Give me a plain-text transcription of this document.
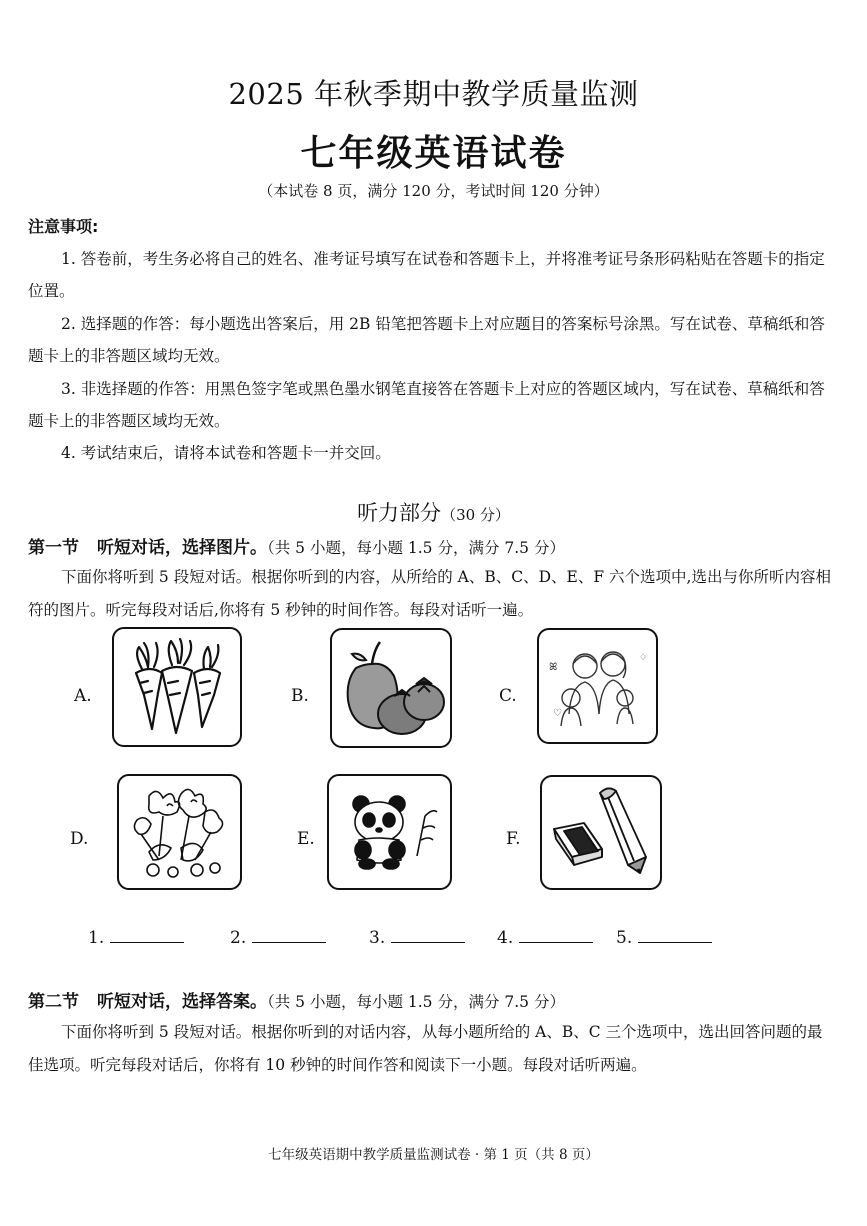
2025 年秋季期中教学质量监测
七年级英语试卷
（本试卷 8 页，满分 120 分，考试时间 120 分钟）
注意事项:

1. 答卷前，考生务必将自己的姓名、准考证号填写在试卷和答题卡上，并将准考证号条形码粘贴在答题卡的指定位置。

2. 选择题的作答：每小题选出答案后，用 2B 铅笔把答题卡上对应题目的答案标号涂黑。写在试卷、草稿纸和答题卡上的非答题区域均无效。

3. 非选择题的作答：用黑色签字笔或黑色墨水钢笔直接答在答题卡上对应的答题区域内，写在试卷、草稿纸和答题卡上的非答题区域均无效。

4. 考试结束后，请将本试卷和答题卡一并交回。

听力部分（30 分）
第一节 听短对话，选择图片。（共 5 小题，每小题 1.5 分，满分 7.5 分）

下面你将听到 5 段短对话。根据你听到的内容，从所给的 A、B、C、D、E、F 六个选项中,选出与你所听内容相符的图片。听完每段对话后,你将有 5 秒钟的时间作答。每段对话听一遍。

A.	B.	C.
ꕤ
♡
♢
D.	E.	F.
1.	2.	3.	4.	5.
第二节 听短对话，选择答案。（共 5 小题，每小题 1.5 分，满分 7.5 分）

下面你将听到 5 段短对话。根据你听到的对话内容，从每小题所给的 A、B、C 三个选项中，选出回答问题的最佳选项。听完每段对话后，你将有 10 秒钟的时间作答和阅读下一小题。每段对话听两遍。

七年级英语期中教学质量监测试卷 · 第 1 页（共 8 页）
